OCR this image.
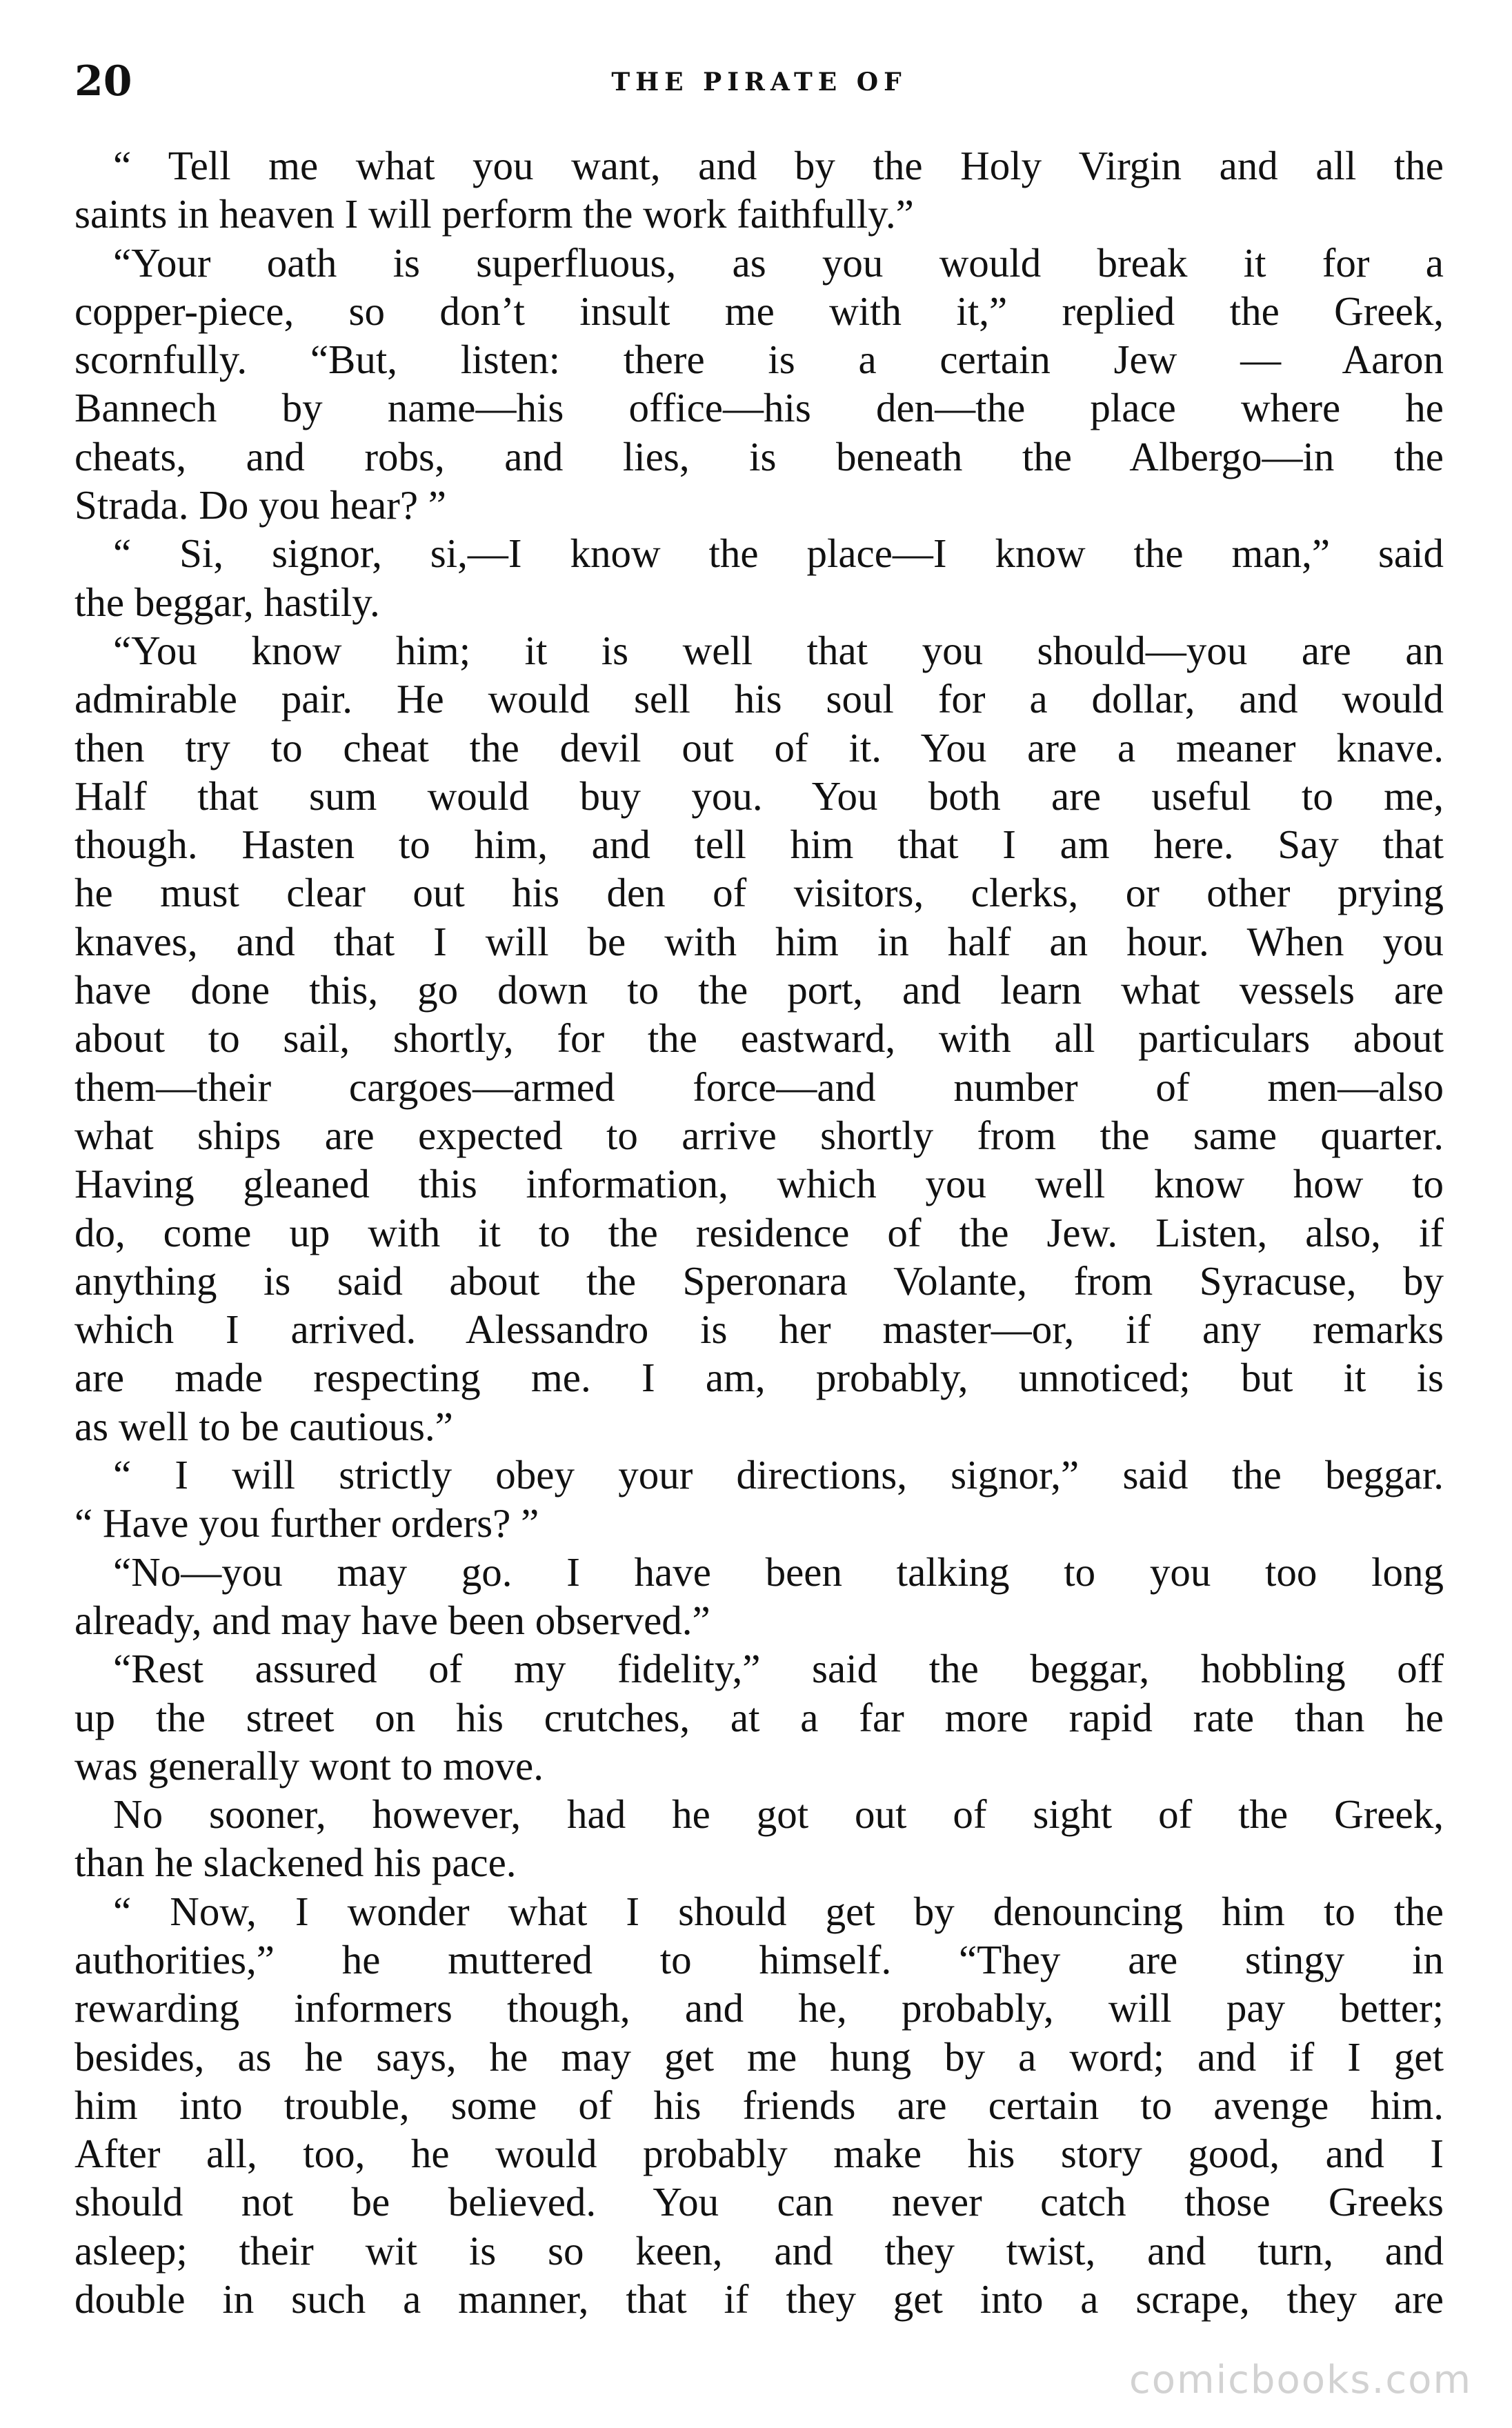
20	THE PIRATE OF
“ Tell me what you want, and by the Holy Virgin and all the
saints in heaven I will perform the work faithfully.”
“Your oath is superfluous, as you would break it for a
copper-piece, so don’t insult me with it,” replied the Greek,
scornfully. “But, listen: there is a certain Jew — Aaron
Bannech by name—his office—his den—the place where he
cheats, and robs, and lies, is beneath the Albergo—in the
Strada. Do you hear? ”
“ Si, signor, si,—I know the place—I know the man,” said
the beggar, hastily.
“You know him; it is well that you should—you are an
admirable pair. He would sell his soul for a dollar, and would
then try to cheat the devil out of it. You are a meaner knave.
Half that sum would buy you. You both are useful to me,
though. Hasten to him, and tell him that I am here. Say that
he must clear out his den of visitors, clerks, or other prying
knaves, and that I will be with him in half an hour. When you
have done this, go down to the port, and learn what vessels are
about to sail, shortly, for the eastward, with all particulars about
them—their cargoes—armed force—and number of men—also
what ships are expected to arrive shortly from the same quarter.
Having gleaned this information, which you well know how to
do, come up with it to the residence of the Jew. Listen, also, if
anything is said about the Speronara Volante, from Syracuse, by
which I arrived. Alessandro is her master—or, if any remarks
are made respecting me. I am, probably, unnoticed; but it is
as well to be cautious.”
“ I will strictly obey your directions, signor,” said the beggar.
“ Have you further orders? ”
“No—you may go. I have been talking to you too long
already, and may have been observed.”
“Rest assured of my fidelity,” said the beggar, hobbling off
up the street on his crutches, at a far more rapid rate than he
was generally wont to move.
No sooner, however, had he got out of sight of the Greek,
than he slackened his pace.
“ Now, I wonder what I should get by denouncing him to the
authorities,” he muttered to himself. “They are stingy in
rewarding informers though, and he, probably, will pay better;
besides, as he says, he may get me hung by a word; and if I get
him into trouble, some of his friends are certain to avenge him.
After all, too, he would probably make his story good, and I
should not be believed. You can never catch those Greeks
asleep; their wit is so keen, and they twist, and turn, and
double in such a manner, that if they get into a scrape, they are
comicbooks.com
